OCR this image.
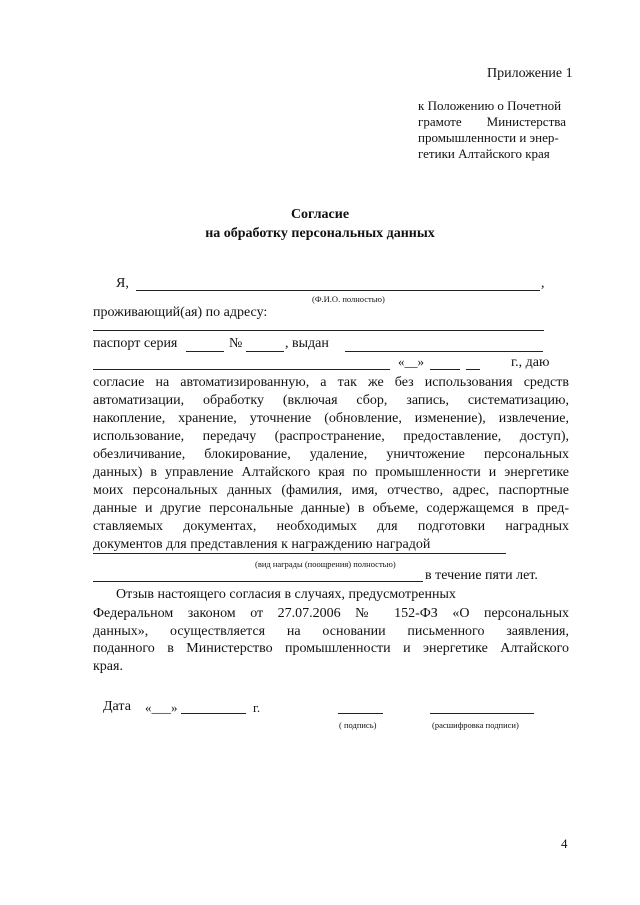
Приложение 1
к Положению о Почетной
грамоте Министерства
промышленности и энер-
гетики Алтайского края
Согласие
на обработку персональных данных
Я,	,
(Ф.И.О. полностью)
проживающий(ая) по адресу:
паспорт серия	№	, выдан
«__»	г., даю
согласие на автоматизированную, а так же без использования средств
автоматизации, обработку (включая сбор, запись, систематизацию,
накопление, хранение, уточнение (обновление, изменение), извлечение,
использование, передачу (распространение, предоставление, доступ),
обезличивание, блокирование, удаление, уничтожение персональных
данных) в управление Алтайского края по промышленности и энергетике
моих персональных данных (фамилия, имя, отчество, адрес, паспортные
данные и другие персональные данные) в объеме, содержащемся в пред-
ставляемых документах, необходимых для подготовки наградных
документов для представления к награждению наградой
(вид награды (поощрения) полностью)
в течение пяти лет.
Отзыв настоящего согласия в случаях, предусмотренных
Федеральном законом от 27.07.2006 № 152-ФЗ «О персональных
данных», осуществляется на основании письменного заявления,
поданного в Министерство промышленности и энергетике Алтайского
края.
Дата «___»	г.
( подпись)	(расшифровка подписи)
4
